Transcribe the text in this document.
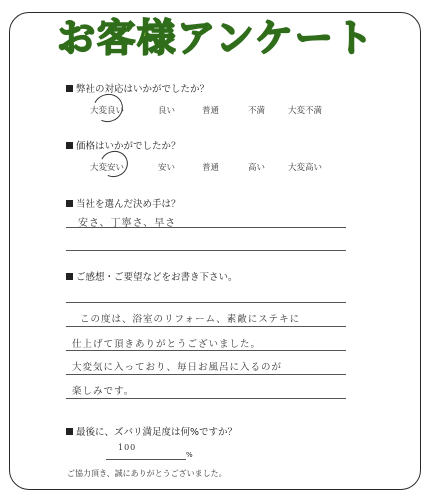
お客様アンケート
弊社の対応はいかがでしたか？
大変良い	良い	普通	不満	大変不満
価格はいかがでしたか？
大変安い	安い	普通	高い	大変高い
当社を選んだ決め手は？
安さ、丁寧さ、早さ
ご感想・ご要望などをお書き下さい。
この度は、浴室のリフォーム、素敵にステキに
仕上げて頂きありがとうございました。
大変気に入っており、毎日お風呂に入るのが
楽しみです。
最後に、ズバリ満足度は何%ですか？
100
%
ご協力頂き、誠にありがとうございました。
